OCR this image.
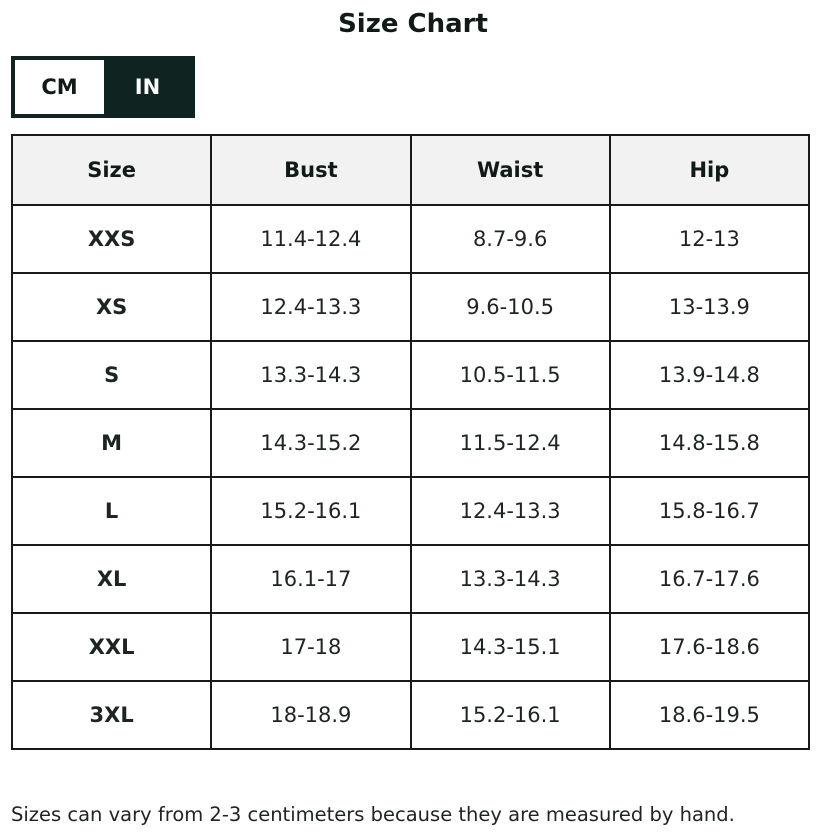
Size Chart
CM	IN
Size	Bust	Waist	Hip
XXS	11.4-12.4	8.7-9.6	12-13
XS	12.4-13.3	9.6-10.5	13-13.9
S	13.3-14.3	10.5-11.5	13.9-14.8
M	14.3-15.2	11.5-12.4	14.8-15.8
L	15.2-16.1	12.4-13.3	15.8-16.7
XL	16.1-17	13.3-14.3	16.7-17.6
XXL	17-18	14.3-15.1	17.6-18.6
3XL	18-18.9	15.2-16.1	18.6-19.5
Sizes can vary from 2-3 centimeters because they are measured by hand.
